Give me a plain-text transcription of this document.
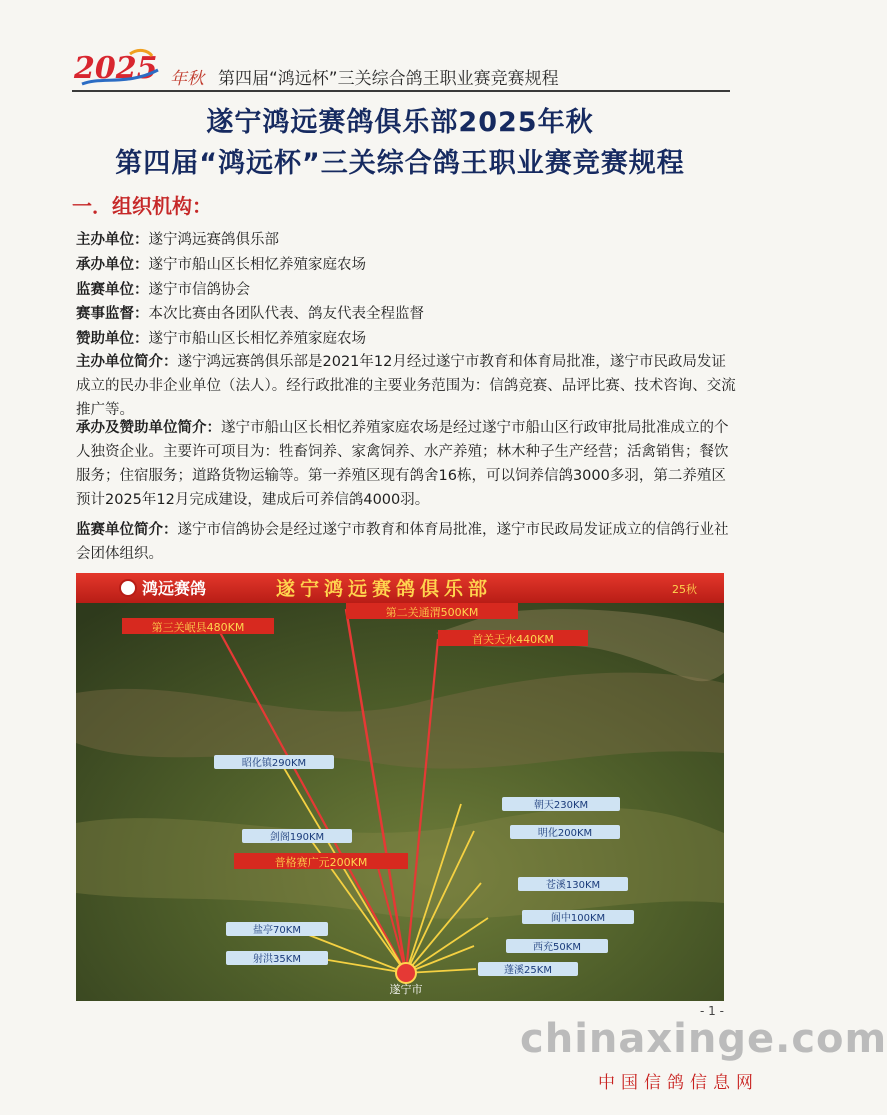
2025 年秋 第四届“鸿远杯”三关综合鸽王职业赛竞赛规程
遂宁鸿远赛鸽俱乐部2025年秋
第四届“鸿远杯”三关综合鸽王职业赛竞赛规程
一．组织机构：
主办单位：遂宁鸿远赛鸽俱乐部
承办单位：遂宁市船山区长相忆养殖家庭农场
监赛单位：遂宁市信鸽协会
赛事监督：本次比赛由各团队代表、鸽友代表全程监督
赞助单位：遂宁市船山区长相忆养殖家庭农场
主办单位简介：遂宁鸿远赛鸽俱乐部是2021年12月经过遂宁市教育和体育局批准，遂宁市民政局发证成立的民办非企业单位（法人）。经行政批准的主要业务范围为：信鸽竞赛、品评比赛、技术咨询、交流推广等。
承办及赞助单位简介：遂宁市船山区长相忆养殖家庭农场是经过遂宁市船山区行政审批局批准成立的个人独资企业。主要许可项目为：牲畜饲养、家禽饲养、水产养殖；林木种子生产经营；活禽销售；餐饮服务；住宿服务；道路货物运输等。第一养殖区现有鸽舍16栋，可以饲养信鸽3000多羽，第二养殖区预计2025年12月完成建设，建成后可养信鸽4000羽。
监赛单位简介：遂宁市信鸽协会是经过遂宁市教育和体育局批准，遂宁市民政局发证成立的信鸽行业社会团体组织。
鸿远赛鸽	遂宁鸿远赛鸽俱乐部	25秋
第二关通渭500KM
第三关岷县480KM
首关天水440KM
普格赛广元200KM
昭化镇290KM
朝天230KM
剑阁190KM	明化200KM
苍溪130KM
阆中100KM
盐亭70KM
西充50KM
射洪35KM
蓬溪25KM
遂宁市
- 1 -
chinaxinge.com
中国信鸽信息网
